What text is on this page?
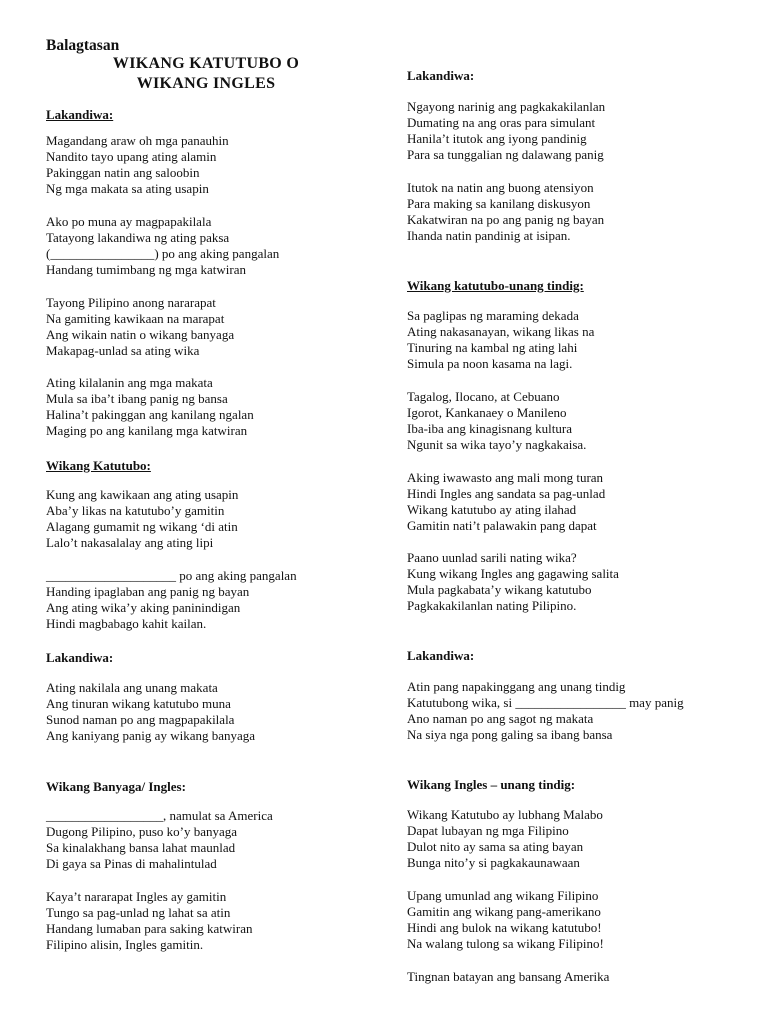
Balagtasan
WIKANG KATUTUBO O
WIKANG INGLES
Lakandiwa:
Magandang araw oh mga panauhin
Nandito tayo upang ating alamin
Pakinggan natin ang saloobin
Ng mga makata sa ating usapin
Ako po muna ay magpapakilala
Tatayong lakandiwa ng ating paksa
(________________) po ang aking pangalan
Handang tumimbang ng mga katwiran
Tayong Pilipino anong nararapat
Na gamiting kawikaan na marapat
Ang wikain natin o wikang banyaga
Makapag-unlad sa ating wika
Ating kilalanin ang mga makata
Mula sa iba’t ibang panig ng bansa
Halina’t pakinggan ang kanilang ngalan
Maging po ang kanilang mga katwiran
Wikang Katutubo:
Kung ang kawikaan ang ating usapin
Aba’y likas na katutubo’y gamitin
Alagang gumamit ng wikang ‘di atin
Lalo’t nakasalalay ang ating lipi
____________________ po ang aking pangalan
Handing ipaglaban ang panig ng bayan
Ang ating wika’y aking paninindigan
Hindi magbabago kahit kailan.
Lakandiwa:
Ating nakilala ang unang makata
Ang tinuran wikang katutubo muna
Sunod naman po ang magpapakilala
Ang kaniyang panig ay wikang banyaga
Wikang Banyaga/ Ingles:
__________________, namulat sa America
Dugong Pilipino, puso ko’y banyaga
Sa kinalakhang bansa lahat maunlad
Di gaya sa Pinas di mahalintulad
Kaya’t nararapat Ingles ay gamitin
Tungo sa pag-unlad ng lahat sa atin
Handang lumaban para saking katwiran
Filipino alisin, Ingles gamitin.
Lakandiwa:
Ngayong narinig ang pagkakakilanlan
Dumating na ang oras para simulant
Hanila’t itutok ang iyong pandinig
Para sa tunggalian ng dalawang panig
Itutok na natin ang buong atensiyon
Para making sa kanilang diskusyon
Kakatwiran na po ang panig ng bayan
Ihanda natin pandinig at isipan.
Wikang katutubo-unang tindig:
Sa paglipas ng maraming dekada
Ating nakasanayan, wikang likas na
Tinuring na kambal ng ating lahi
Simula pa noon kasama na lagi.
Tagalog, Ilocano, at Cebuano
Igorot, Kankanaey o Manileno
Iba-iba ang kinagisnang kultura
Ngunit sa wika tayo’y nagkakaisa.
Aking iwawasto ang mali mong turan
Hindi Ingles ang sandata sa pag-unlad
Wikang katutubo ay ating ilahad
Gamitin nati’t palawakin pang dapat
Paano uunlad sarili nating wika?
Kung wikang Ingles ang gagawing salita
Mula pagkabata’y wikang katutubo
Pagkakakilanlan nating Pilipino.
Lakandiwa:
Atin pang napakinggang ang unang tindig
Katutubong wika, si _________________ may panig
Ano naman po ang sagot ng makata
Na siya nga pong galing sa ibang bansa
Wikang Ingles – unang tindig:
Wikang Katutubo ay lubhang Malabo
Dapat lubayan ng mga Filipino
Dulot nito ay sama sa ating bayan
Bunga nito’y si pagkakaunawaan
Upang umunlad ang wikang Filipino
Gamitin ang wikang pang-amerikano
Hindi ang bulok na wikang katutubo!
Na walang tulong sa wikang Filipino!
Tingnan batayan ang bansang Amerika
